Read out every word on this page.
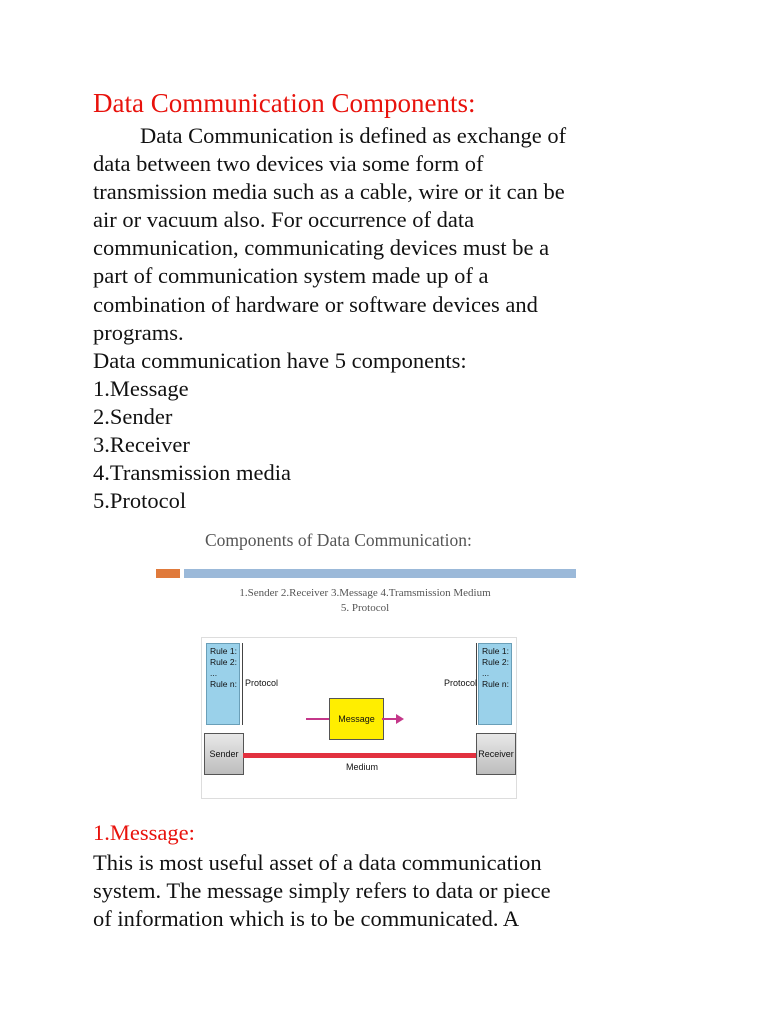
Data Communication Components:
Data Communication is defined as exchange of
data between two devices via some form of
transmission media such as a cable, wire or it can be
air or vacuum also. For occurrence of data
communication, communicating devices must be a
part of communication system made up of a
combination of hardware or software devices and
programs.
Data communication have 5 components:
1.Message
2.Sender
3.Receiver
4.Transmission media
5.Protocol
Components of Data Communication:
1.Sender 2.Receiver 3.Message 4.Tramsmission Medium
5. Protocol
Rule 1:
Rule 2:
...
Rule n: Protocol
Rule 1:
Rule 2:
...
Rule n:
Protocol
Message
Sender	Receiver
Medium
1.Message:
This is most useful asset of a data communication
system. The message simply refers to data or piece
of information which is to be communicated. A
